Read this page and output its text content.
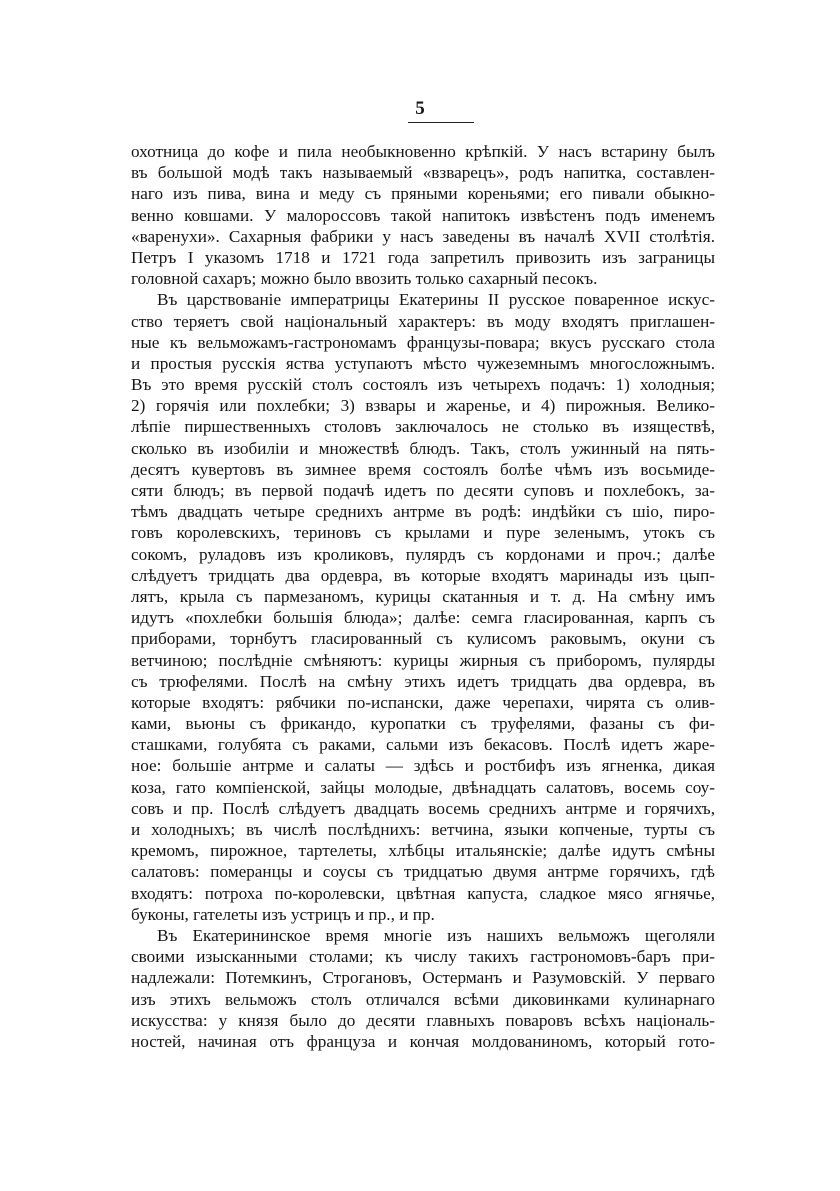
5
охотница до кофе и пила необыкновенно крѣпкій. У насъ встарину былъ
въ большой модѣ такъ называемый «взварецъ», родъ напитка, составлен-
наго изъ пива, вина и меду съ пряными кореньями; его пивали обыкно-
венно ковшами. У малороссовъ такой напитокъ извѣстенъ подъ именемъ
«варенухи». Сахарныя фабрики у насъ заведены въ началѣ XVII столѣтія.
Петръ I указомъ 1718 и 1721 года запретилъ привозить изъ заграницы
головной сахаръ; можно было ввозить только сахарный песокъ.
Въ царствованіе императрицы Екатерины II русское поваренное искус-
ство теряетъ свой національный характеръ: въ моду входятъ приглашен-
ные къ вельможамъ-гастрономамъ французы-повара; вкусъ русскаго стола
и простыя русскія яства уступаютъ мѣсто чужеземнымъ многосложнымъ.
Въ это время русскій столъ состоялъ изъ четырехъ подачъ: 1) холодныя;
2) горячія или похлебки; 3) взвары и жаренье, и 4) пирожныя. Велико-
лѣпіе пиршественныхъ столовъ заключалось не столько въ изяществѣ,
сколько въ изобиліи и множествѣ блюдъ. Такъ, столъ ужинный на пять-
десятъ кувертовъ въ зимнее время состоялъ болѣе чѣмъ изъ восьмиде-
сяти блюдъ; въ первой подачѣ идетъ по десяти суповъ и похлебокъ, за-
тѣмъ двадцать четыре среднихъ антрме въ родѣ: индѣйки съ шіо, пиро-
говъ королевскихъ, териновъ съ крылами и пуре зеленымъ, утокъ съ
сокомъ, руладовъ изъ кроликовъ, пулярдъ съ кордонами и проч.; далѣе
слѣдуетъ тридцать два ордевра, въ которые входятъ маринады изъ цып-
лятъ, крыла съ пармезаномъ, курицы скатанныя и т. д. На смѣну имъ
идутъ «похлебки большія блюда»; далѣе: семга гласированная, карпъ съ
приборами, торнбутъ гласированный съ кулисомъ раковымъ, окуни съ
ветчиною; послѣдніе смѣняютъ: курицы жирныя съ приборомъ, пулярды
съ трюфелями. Послѣ на смѣну этихъ идетъ тридцать два ордевра, въ
которые входятъ: рябчики по-испански, даже черепахи, чирята съ олив-
ками, вьюны съ фрикандо, куропатки съ труфелями, фазаны съ фи-
сташками, голубята съ раками, сальми изъ бекасовъ. Послѣ идетъ жаре-
ное: большіе антрме и салаты — здѣсь и ростбифъ изъ ягненка, дикая
коза, гато компіенской, зайцы молодые, двѣнадцать салатовъ, восемь соу-
совъ и пр. Послѣ слѣдуетъ двадцать восемь среднихъ антрме и горячихъ,
и холодныхъ; въ числѣ послѣднихъ: ветчина, языки копченые, турты съ
кремомъ, пирожное, тартелеты, хлѣбцы итальянскіе; далѣе идутъ смѣны
салатовъ: померанцы и соусы съ тридцатью двумя антрме горячихъ, гдѣ
входятъ: потроха по-королевски, цвѣтная капуста, сладкое мясо ягнячье,
буконы, гателеты изъ устрицъ и пр., и пр.
Въ Екатерининское время многіе изъ нашихъ вельможъ щеголяли
своими изысканными столами; къ числу такихъ гастрономовъ-баръ при-
надлежали: Потемкинъ, Строгановъ, Остерманъ и Разумовскій. У перваго
изъ этихъ вельможъ столъ отличался всѣми диковинками кулинарнаго
искусства: у князя было до десяти главныхъ поваровъ всѣхъ національ-
ностей, начиная отъ француза и кончая молдованиномъ, который гото-
